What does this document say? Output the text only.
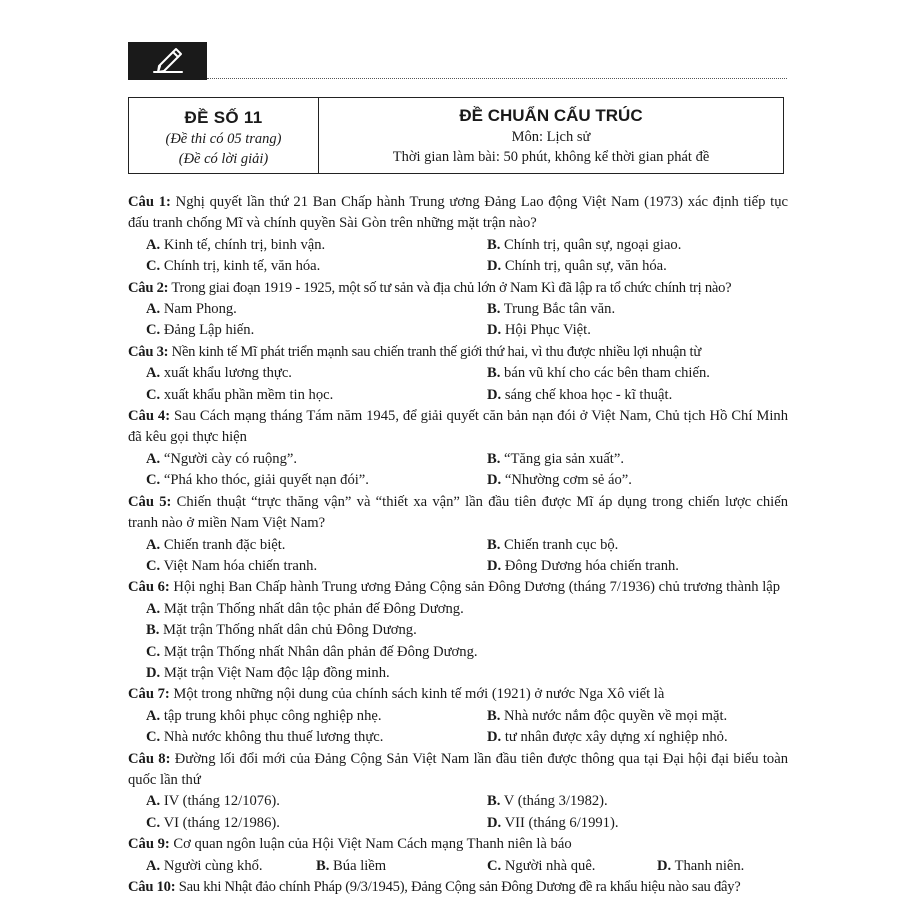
ĐỀ SỐ 11
(Đề thi có 05 trang)
(Đề có lời giải)
ĐỀ CHUẨN CẤU TRÚC
Môn: Lịch sử
Thời gian làm bài: 50 phút, không kể thời gian phát đề

Câu 1: Nghị quyết lần thứ 21 Ban Chấp hành Trung ương Đảng Lao động Việt Nam (1973) xác định tiếp tục đấu tranh chống Mĩ và chính quyền Sài Gòn trên những mặt trận nào?

A. Kinh tế, chính trị, binh vận.	B. Chính trị, quân sự, ngoại giao.
C. Chính trị, kinh tế, văn hóa.	D. Chính trị, quân sự, văn hóa.

Câu 2: Trong giai đoạn 1919 - 1925, một số tư sản và địa chủ lớn ở Nam Kì đã lập ra tổ chức chính trị nào?

A. Nam Phong.	B. Trung Bắc tân văn.
C. Đảng Lập hiến.	D. Hội Phục Việt.

Câu 3: Nền kinh tế Mĩ phát triển mạnh sau chiến tranh thế giới thứ hai, vì thu được nhiều lợi nhuận từ

A. xuất khẩu lương thực.	B. bán vũ khí cho các bên tham chiến.
C. xuất khẩu phần mềm tin học.	D. sáng chế khoa học - kĩ thuật.

Câu 4: Sau Cách mạng tháng Tám năm 1945, để giải quyết căn bản nạn đói ở Việt Nam, Chủ tịch Hồ Chí Minh đã kêu gọi thực hiện

A. “Người cày có ruộng”.	B. “Tăng gia sản xuất”.
C. “Phá kho thóc, giải quyết nạn đói”.	D. “Nhường cơm sẻ áo”.

Câu 5: Chiến thuật “trực thăng vận” và “thiết xa vận” lần đầu tiên được Mĩ áp dụng trong chiến lược chiến tranh nào ở miền Nam Việt Nam?

A. Chiến tranh đặc biệt.	B. Chiến tranh cục bộ.
C. Việt Nam hóa chiến tranh.	D. Đông Dương hóa chiến tranh.

Câu 6: Hội nghị Ban Chấp hành Trung ương Đảng Cộng sản Đông Dương (tháng 7/1936) chủ trương thành lập

A. Mặt trận Thống nhất dân tộc phản đế Đông Dương.
B. Mặt trận Thống nhất dân chủ Đông Dương.
C. Mặt trận Thống nhất Nhân dân phản đế Đông Dương.
D. Mặt trận Việt Nam độc lập đồng minh.

Câu 7: Một trong những nội dung của chính sách kinh tế mới (1921) ở nước Nga Xô viết là

A. tập trung khôi phục công nghiệp nhẹ.	B. Nhà nước nắm độc quyền về mọi mặt.
C. Nhà nước không thu thuế lương thực.	D. tư nhân được xây dựng xí nghiệp nhỏ.

Câu 8: Đường lối đổi mới của Đảng Cộng Sản Việt Nam lần đầu tiên được thông qua tại Đại hội đại biểu toàn quốc lần thứ

A. IV (tháng 12/1076).	B. V (tháng 3/1982).
C. VI (tháng 12/1986).	D. VII (tháng 6/1991).

Câu 9: Cơ quan ngôn luận của Hội Việt Nam Cách mạng Thanh niên là báo

A. Người cùng khổ.	B. Búa liềm	C. Người nhà quê.	D. Thanh niên.

Câu 10: Sau khi Nhật đảo chính Pháp (9/3/1945), Đảng Cộng sản Đông Dương đề ra khẩu hiệu nào sau đây?
